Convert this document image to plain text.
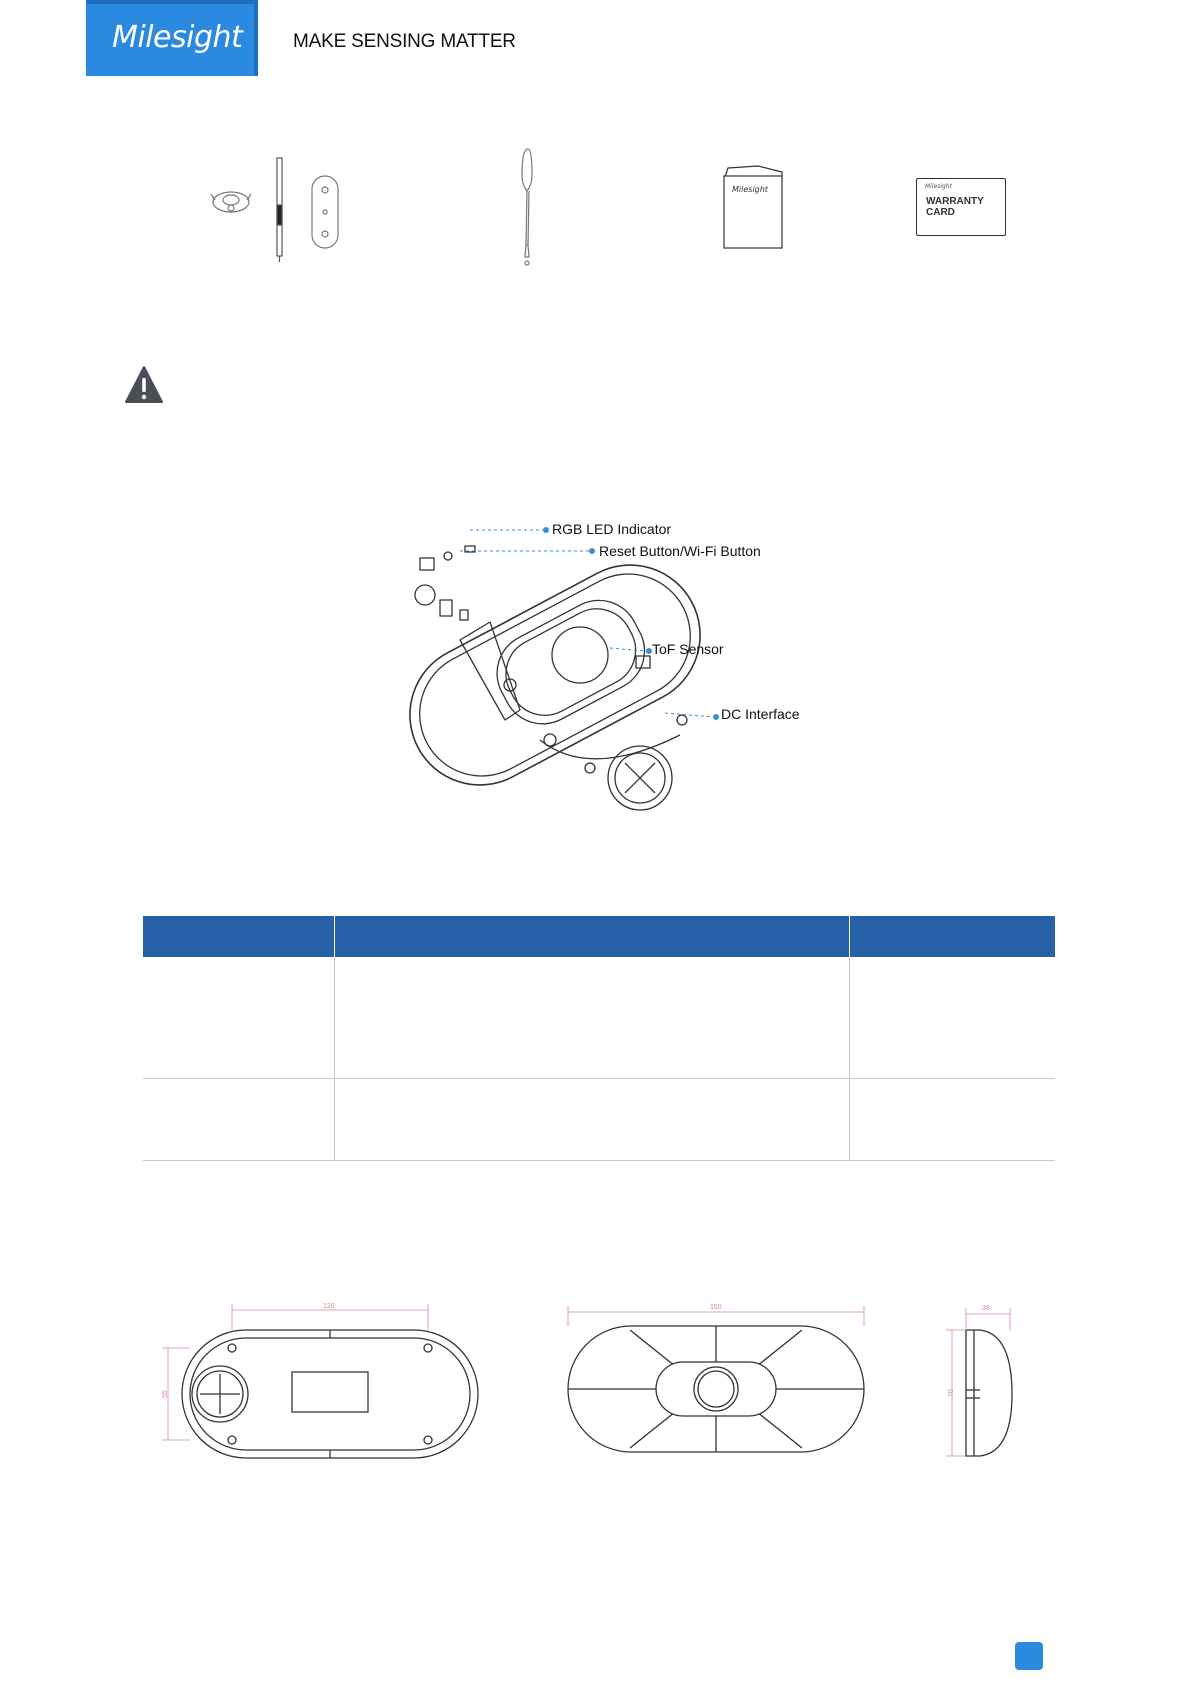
Milesight	MAKE SENSING MATTER
Milesight	Milesight
WARRANTY
CARD
RGB LED Indicator
Reset Button/Wi-Fi Button
ToF Sensor
DC Interface

120
55
160	38
70
